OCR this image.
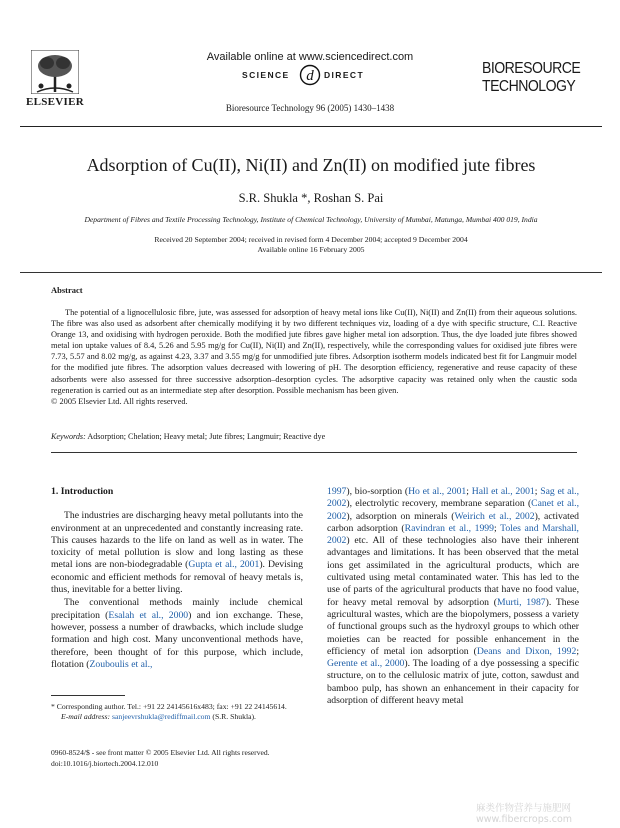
ELSEVIER
Available online at www.sciencedirect.com
SCIENCE d DIRECT
Bioresource Technology 96 (2005) 1430–1438
BIORESOURCE
TECHNOLOGY
Adsorption of Cu(II), Ni(II) and Zn(II) on modified jute fibres
S.R. Shukla *, Roshan S. Pai
Department of Fibres and Textile Processing Technology, Institute of Chemical Technology, University of Mumbai, Matunga, Mumbai 400 019, India
Received 20 September 2004; received in revised form 4 December 2004; accepted 9 December 2004
Available online 16 February 2005
Abstract

The potential of a lignocellulosic fibre, jute, was assessed for adsorption of heavy metal ions like Cu(II), Ni(II) and Zn(II) from their aqueous solutions. The fibre was also used as adsorbent after chemically modifying it by two different techniques viz, loading of a dye with specific structure, C.I. Reactive Orange 13, and oxidising with hydrogen peroxide. Both the modified jute fibres gave higher metal ion adsorption. Thus, the dye loaded jute fibres showed metal ion uptake values of 8.4, 5.26 and 5.95 mg/g for Cu(II), Ni(II) and Zn(II), respectively, while the corresponding values for oxidised jute fibres were 7.73, 5.57 and 8.02 mg/g, as against 4.23, 3.37 and 3.55 mg/g for unmodified jute fibres. Adsorption isotherm models indicated best fit for Langmuir model for the modified jute fibres. The adsorption values decreased with lowering of pH. The desorption efficiency, regenerative and reuse capacity of these adsorbents were also assessed for three successive adsorption–desorption cycles. The adsorptive capacity was retained only when the caustic soda regeneration is carried out as an intermediate step after desorption. Possible mechanism has been given.

© 2005 Elsevier Ltd. All rights reserved.

Keywords: Adsorption; Chelation; Heavy metal; Jute fibres; Langmuir; Reactive dye

1. Introduction

The industries are discharging heavy metal pollutants into the environment at an unprecedented and constantly increasing rate. This causes hazards to the life on land as well as in water. The toxicity of metal pollution is slow and long lasting as these metal ions are non-biodegradable (Gupta et al., 2001). Devising economic and efficient methods for removal of heavy metals is, thus, inevitable for a better living.

The conventional methods mainly include chemical precipitation (Esalah et al., 2000) and ion exchange. These, however, possess a number of drawbacks, which include sludge formation and high cost. Many unconventional methods have, therefore, been thought of for this purpose, which include, flotation (Zouboulis et al.,

1997), bio-sorption (Ho et al., 2001; Hall et al., 2001; Sag et al., 2002), electrolytic recovery, membrane separation (Canet et al., 2002), adsorption on minerals (Weirich et al., 2002), activated carbon adsorption (Ravindran et al., 1999; Toles and Marshall, 2002) etc. All of these technologies also have their inherent advantages and limitations. It has been observed that the metal ions get assimilated in the agricultural products, which are cultivated using metal contaminated water. This has led to the use of parts of the agricultural products that have no food value, for heavy metal removal by adsorption (Murti, 1987). These agricultural wastes, which are the biopolymers, possess a variety of functional groups such as the hydroxyl groups to which other moieties can be reacted for possible enhancement in the efficiency of metal ion adsorption (Deans and Dixon, 1992; Gerente et al., 2000). The loading of a dye possessing a specific structure, on to the cellulosic matrix of jute, cotton, sawdust and bamboo pulp, has shown an enhancement in their capacity for adsorption of different heavy metal

* Corresponding author. Tel.: +91 22 24145616x483; fax: +91 22 24145614.
E-mail address: sanjeevrshukla@rediffmail.com (S.R. Shukla).
0960-8524/$ - see front matter © 2005 Elsevier Ltd. All rights reserved.
doi:10.1016/j.biortech.2004.12.010
麻类作物营养与施肥网 www.fibercrops.com
